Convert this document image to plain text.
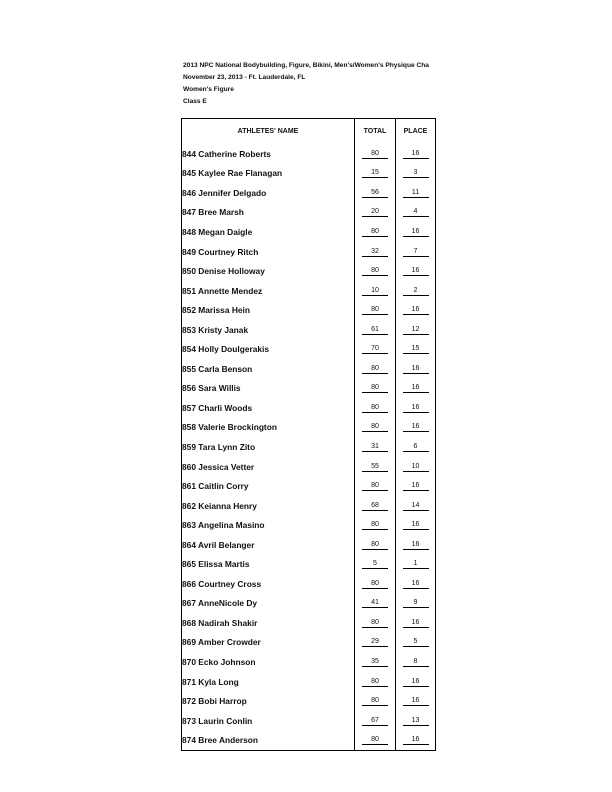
2013 NPC National Bodybuilding, Figure, Bikini, Men's/Women's Physique Cha
November 23, 2013 - Ft. Lauderdale, FL
Women's Figure
Class E
ATHLETES' NAME	TOTAL	PLACE
844 Catherine Roberts	80	16
845 Kaylee Rae Flanagan	15	3
846 Jennifer Delgado	56	11
847 Bree Marsh	20	4
848 Megan Daigle	80	16
849 Courtney Ritch	32	7
850 Denise Holloway	80	16
851 Annette Mendez	10	2
852 Marissa Hein	80	16
853 Kristy Janak	61	12
854 Holly Doulgerakis	70	15
855 Carla Benson	80	16
856 Sara Willis	80	16
857 Charli Woods	80	16
858 Valerie Brockington	80	16
859 Tara Lynn Zito	31	6
860 Jessica Vetter	55	10
861 Caitlin Corry	80	16
862 Keianna Henry	68	14
863 Angelina Masino	80	16
864 Avril Belanger	80	16
865 Elissa Martis	5	1
866 Courtney Cross	80	16
867 AnneNicole Dy	41	9
868 Nadirah Shakir	80	16
869 Amber Crowder	29	5
870 Ecko Johnson	35	8
871 Kyla Long	80	16
872 Bobi Harrop	80	16
873 Laurin Conlin	67	13
874 Bree Anderson	80	16
